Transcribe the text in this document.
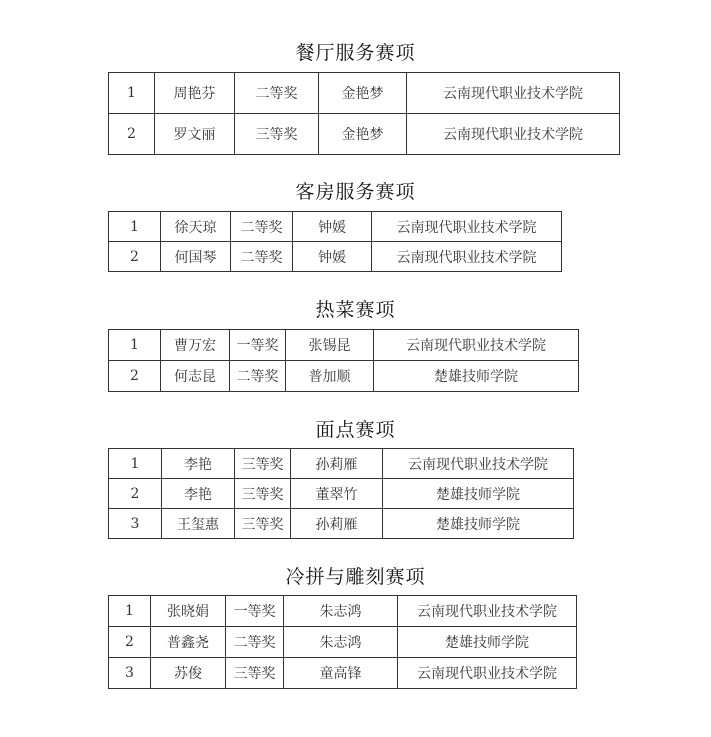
餐厅服务赛项
1	周艳芬	二等奖	金艳梦	云南现代职业技术学院
2	罗文丽	三等奖	金艳梦	云南现代职业技术学院
客房服务赛项
1	徐天琼	二等奖	钟媛	云南现代职业技术学院
2	何国琴	二等奖	钟媛	云南现代职业技术学院
热菜赛项
1	曹万宏	一等奖	张锡昆	云南现代职业技术学院
2	何志昆	二等奖	普加顺	楚雄技师学院
面点赛项
1	李艳	三等奖	孙莉雁	云南现代职业技术学院
2	李艳	三等奖	董翠竹	楚雄技师学院
3	王玺惠	三等奖	孙莉雁	楚雄技师学院
冷拼与雕刻赛项
1	张晓娟	一等奖	朱志鸿	云南现代职业技术学院
2	普鑫尧	二等奖	朱志鸿	楚雄技师学院
3	苏俊	三等奖	童高锋	云南现代职业技术学院
